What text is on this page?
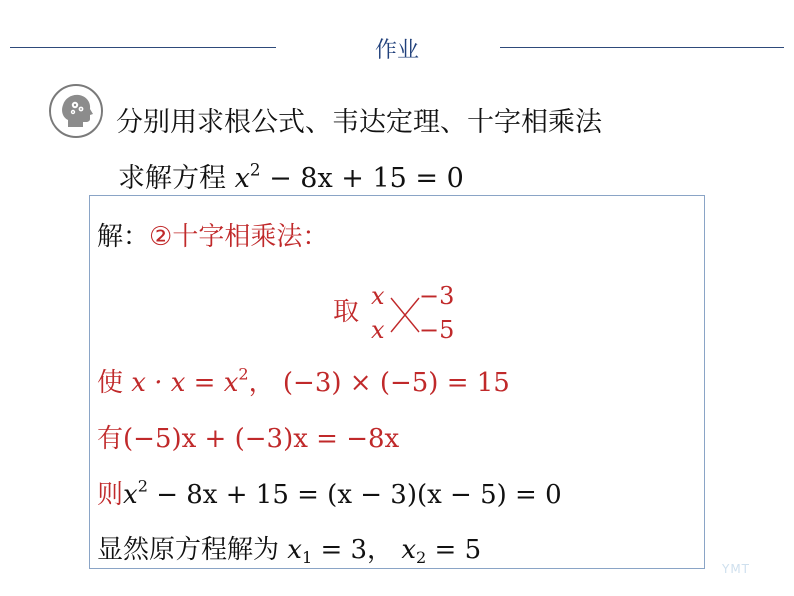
作业
分别用求根公式、韦达定理、十字相乘法
求解方程 $x^2 - 8x + 15 = 0$
解：②十字相乘法：
取
x
x
−3
−5
使 $x \cdot x = x^2$， (−3) × (−5) = 15
有(−5)x + (−3)x = −8x
则$x^2 - 8x + 15 = (x - 3)(x - 5) = 0$
显然原方程解为 $x_1 = 3$， $x_2 = 5$
YMT
